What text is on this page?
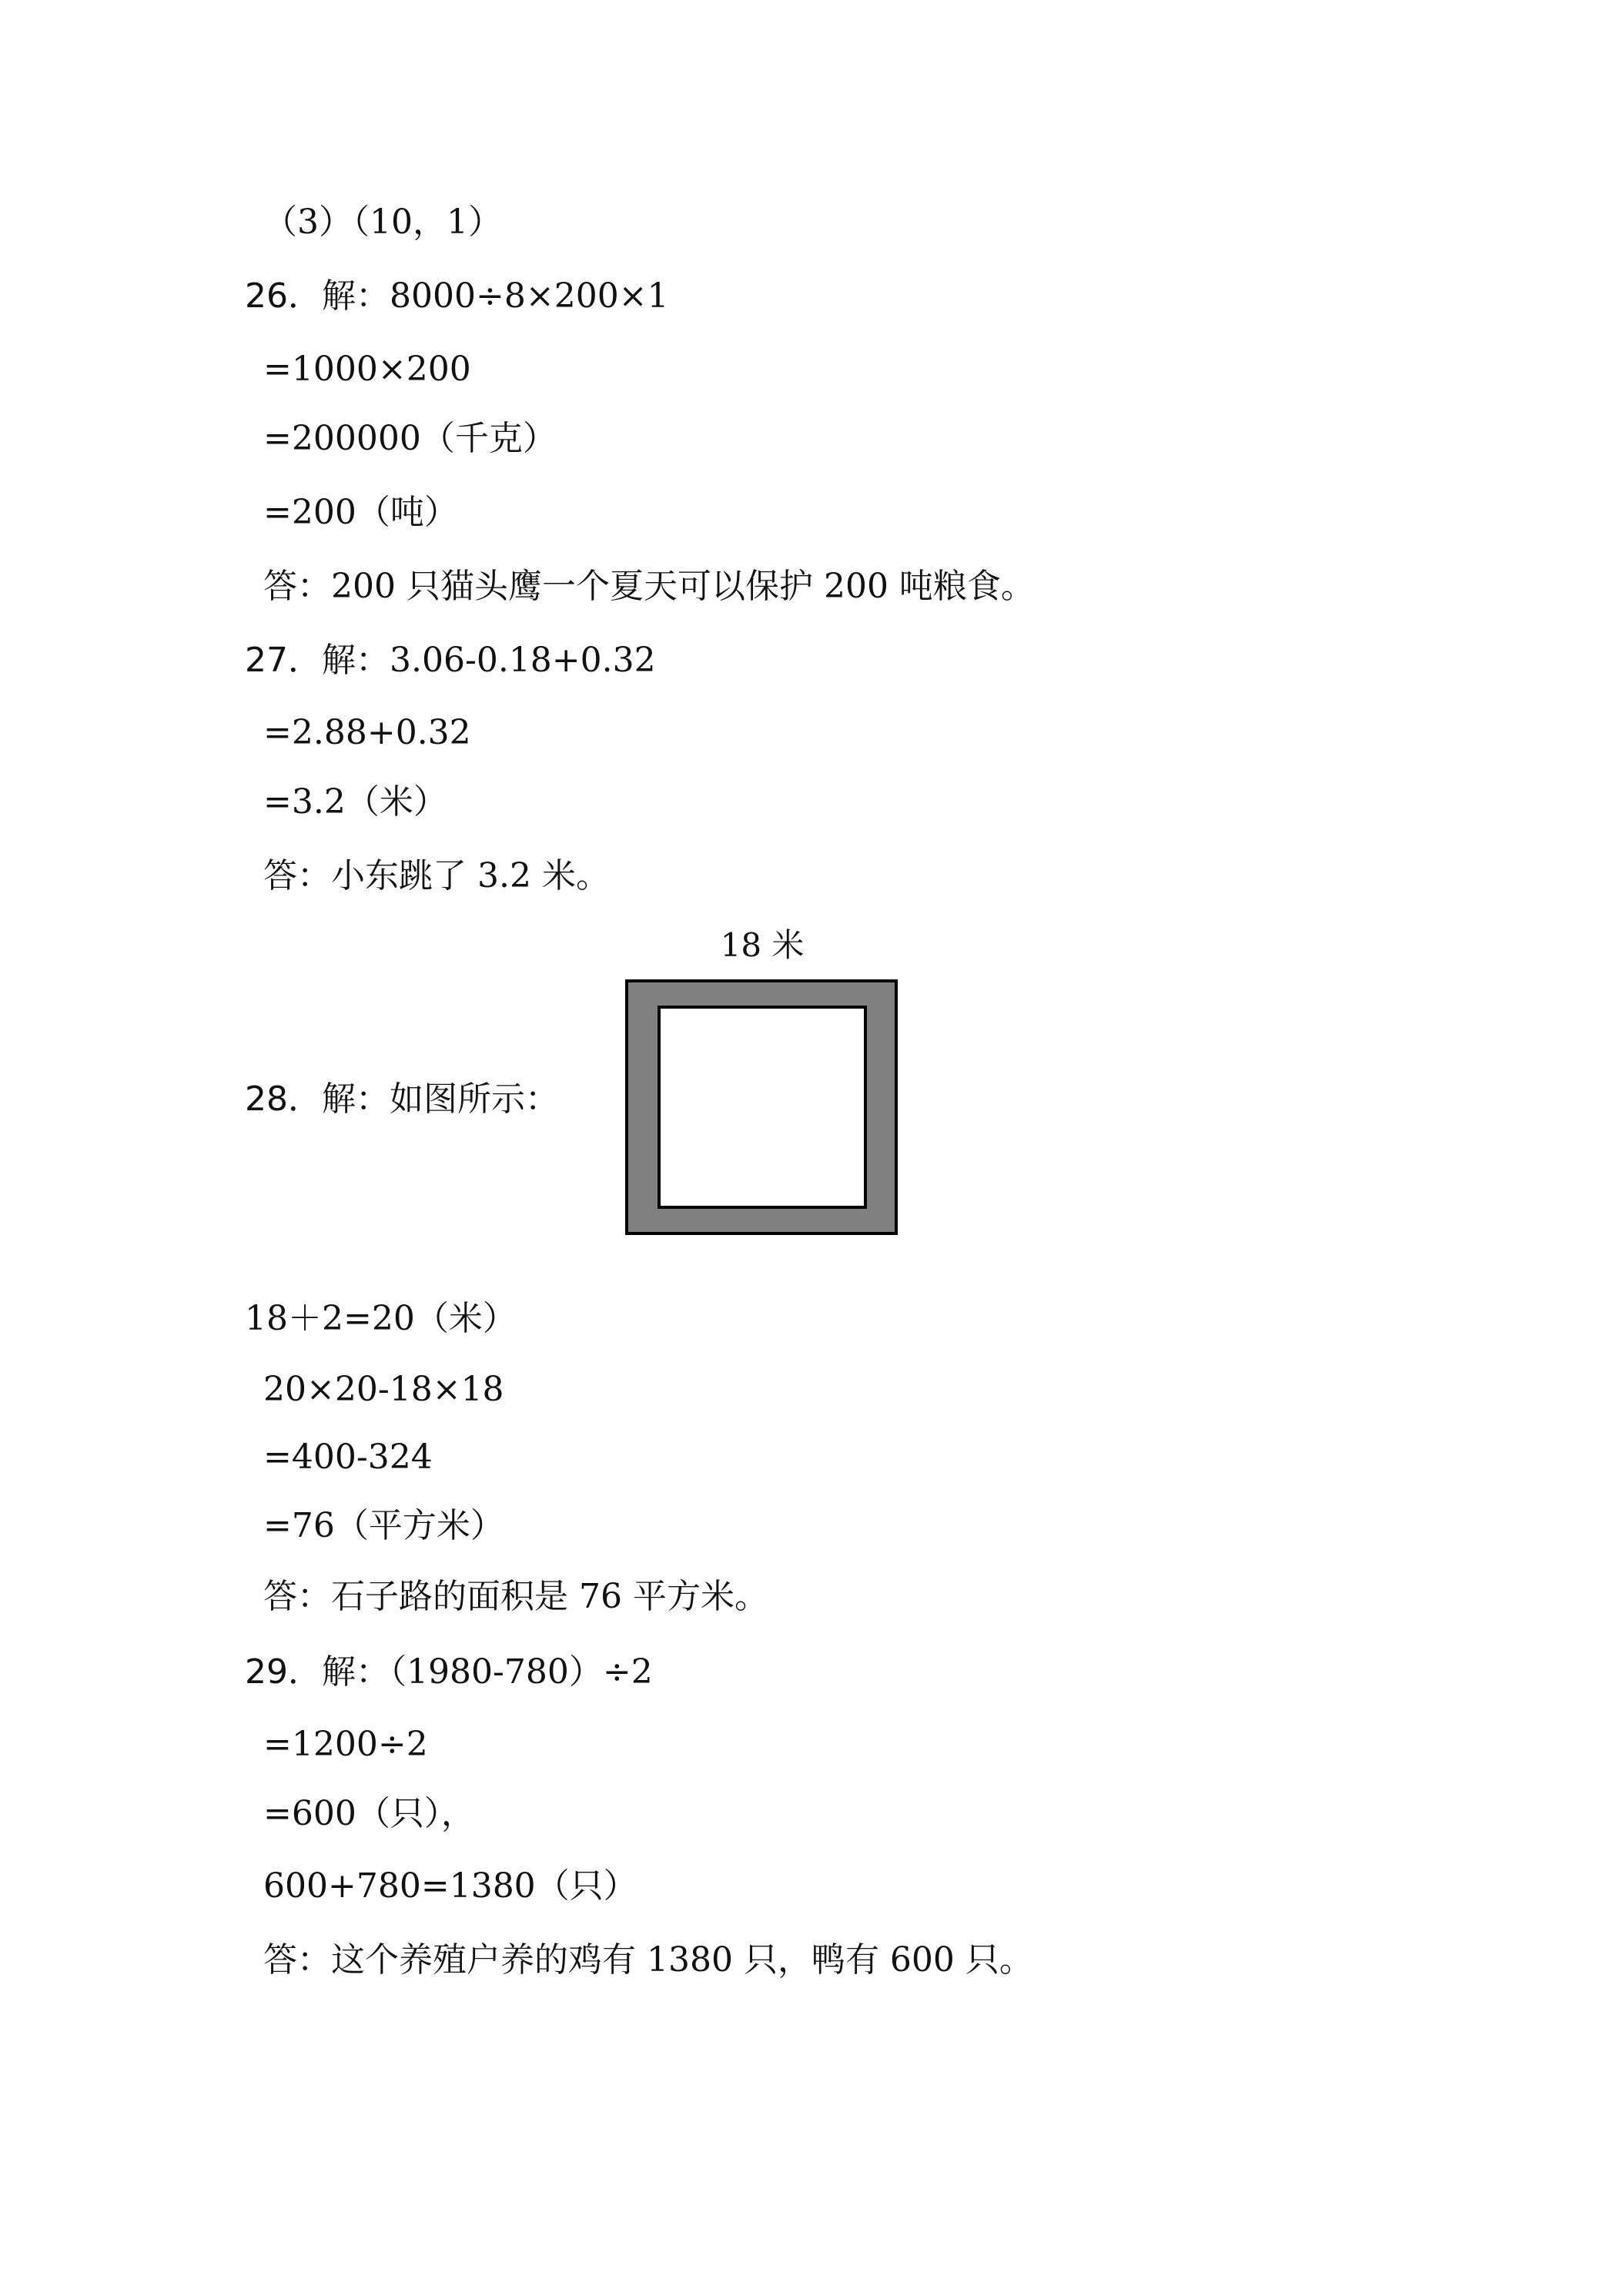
（3）（10，1）
26．解：8000÷8×200×1
=1000×200
=200000（千克）
=200（吨）
答：200 只猫头鹰一个夏天可以保护 200 吨粮食。
27．解：3.06-0.18+0.32
=2.88+0.32
=3.2（米）
答：小东跳了 3.2 米。
28．解：如图所示：
18 米
18＋2=20（米）
20×20-18×18
=400-324
=76（平方米）
答：石子路的面积是 76 平方米。
29．解：（1980-780）÷2
=1200÷2
=600（只），
600+780=1380（只）
答：这个养殖户养的鸡有 1380 只，鸭有 600 只。
